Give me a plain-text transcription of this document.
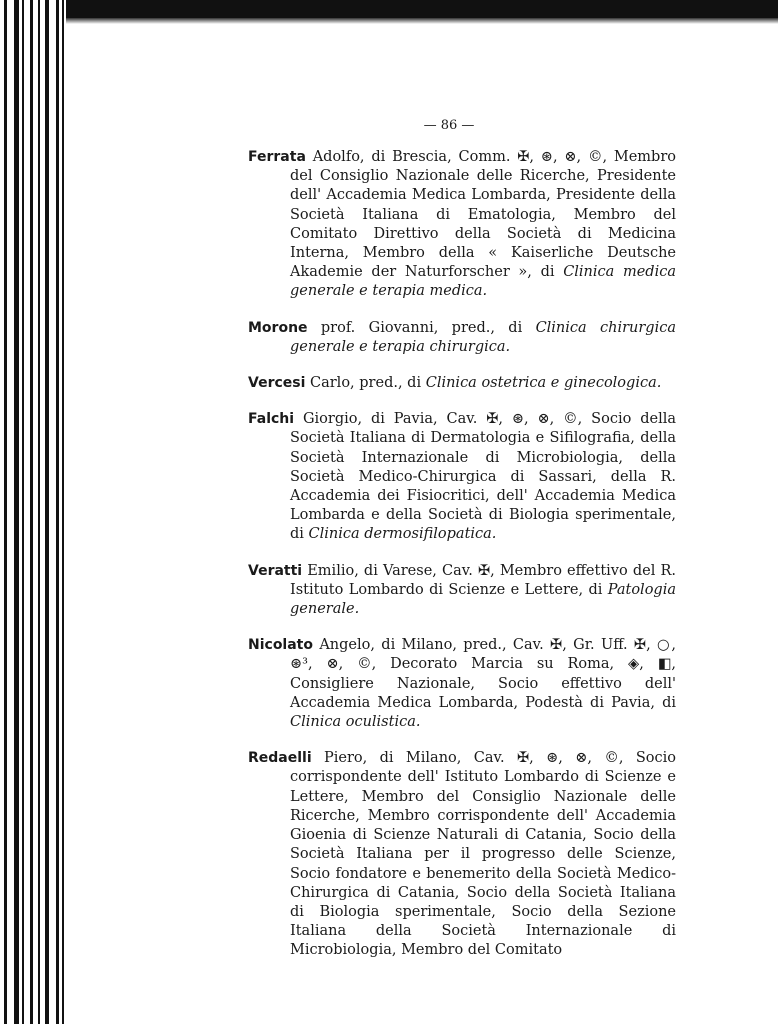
— 86 —

Ferrata Adolfo, di Brescia, Comm. ✠, ⊛, ⊗, ©, Membro del Consiglio Nazionale delle Ricerche, Presidente dell' Accademia Medica Lombarda, Presidente della Società Italiana di Ematologia, Membro del Comitato Direttivo della Società di Medicina Interna, Membro della « Kaiserliche Deutsche Akademie der Naturforscher », di Clinica medica generale e terapia medica.

Morone prof. Giovanni, pred., di Clinica chirurgica generale e terapia chirurgica.

Vercesi Carlo, pred., di Clinica ostetrica e ginecologica.

Falchi Giorgio, di Pavia, Cav. ✠, ⊛, ⊗, ©, Socio della Società Italiana di Dermatologia e Sifilografia, della Società Internazionale di Microbiologia, della Società Medico-Chirurgica di Sassari, della R. Accademia dei Fisiocritici, dell' Accademia Medica Lombarda e della Società di Biologia sperimentale, di Clinica dermosifilopatica.

Veratti Emilio, di Varese, Cav. ✠, Membro effettivo del R. Istituto Lombardo di Scienze e Lettere, di Patologia generale.

Nicolato Angelo, di Milano, pred., Cav. ✠, Gr. Uff. ✠, ○, ⊛³, ⊗, ©, Decorato Marcia su Roma, ◈, ◧, Consigliere Nazionale, Socio effettivo dell' Accademia Medica Lombarda, Podestà di Pavia, di Clinica oculistica.

Redaelli Piero, di Milano, Cav. ✠, ⊛, ⊗, ©, Socio corrispondente dell' Istituto Lombardo di Scienze e Lettere, Membro del Consiglio Nazionale delle Ricerche, Membro corrispondente dell' Accademia Gioenia di Scienze Naturali di Catania, Socio della Società Italiana per il progresso delle Scienze, Socio fondatore e benemerito della Società Medico-Chirurgica di Catania, Socio della Società Italiana di Biologia sperimentale, Socio della Sezione Italiana della Società Internazionale di Microbiologia, Membro del Comitato
